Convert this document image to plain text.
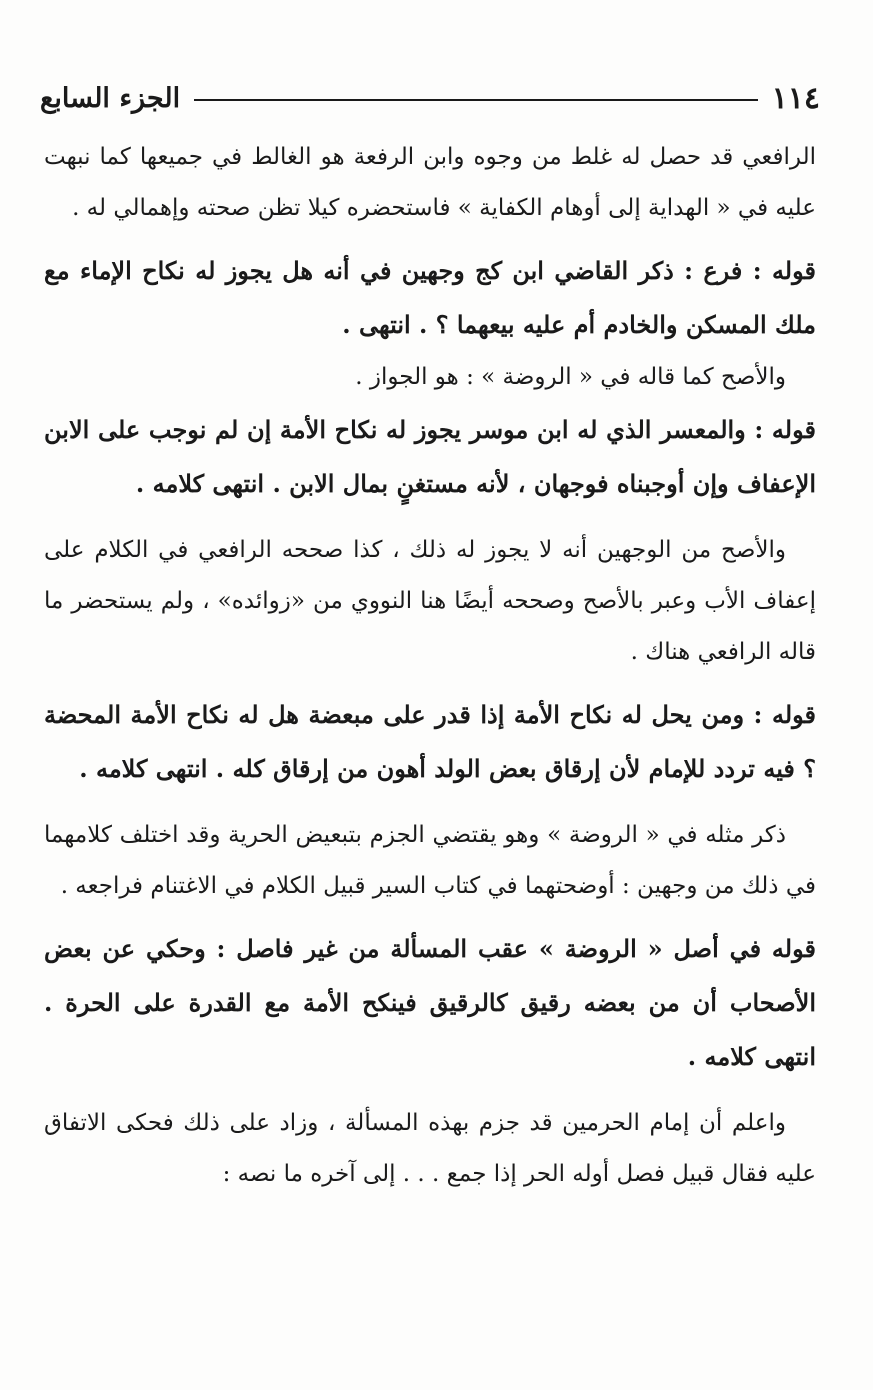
١١٤
الجزء السابع

الرافعي قد حصل له غلط من وجوه وابن الرفعة هو الغالط في جميعها كما نبهت عليه في « الهداية إلى أوهام الكفاية » فاستحضره كيلا تظن صحته وإهمالي له .

قوله : فرع : ذكر القاضي ابن كج وجهين في أنه هل يجوز له نكاح الإماء مع ملك المسكن والخادم أم عليه بيعهما ؟ . انتهى .

والأصح كما قاله في « الروضة » : هو الجواز .

قوله : والمعسر الذي له ابن موسر يجوز له نكاح الأمة إن لم نوجب على الابن الإعفاف وإن أوجبناه فوجهان ، لأنه مستغنٍ بمال الابن . انتهى كلامه .

والأصح من الوجهين أنه لا يجوز له ذلك ، كذا صححه الرافعي في الكلام على إعفاف الأب وعبر بالأصح وصححه أيضًا هنا النووي من «زوائده» ، ولم يستحضر ما قاله الرافعي هناك .

قوله : ومن يحل له نكاح الأمة إذا قدر على مبعضة هل له نكاح الأمة المحضة ؟ فيه تردد للإمام لأن إرقاق بعض الولد أهون من إرقاق كله . انتهى كلامه .

ذكر مثله في « الروضة » وهو يقتضي الجزم بتبعيض الحرية وقد اختلف كلامهما في ذلك من وجهين : أوضحتهما في كتاب السير قبيل الكلام في الاغتنام فراجعه .

قوله في أصل « الروضة » عقب المسألة من غير فاصل : وحكي عن بعض الأصحاب أن من بعضه رقيق كالرقيق فينكح الأمة مع القدرة على الحرة . انتهى كلامه .

واعلم أن إمام الحرمين قد جزم بهذه المسألة ، وزاد على ذلك فحكى الاتفاق عليه فقال قبيل فصل أوله الحر إذا جمع . . . إلى آخره ما نصه :
